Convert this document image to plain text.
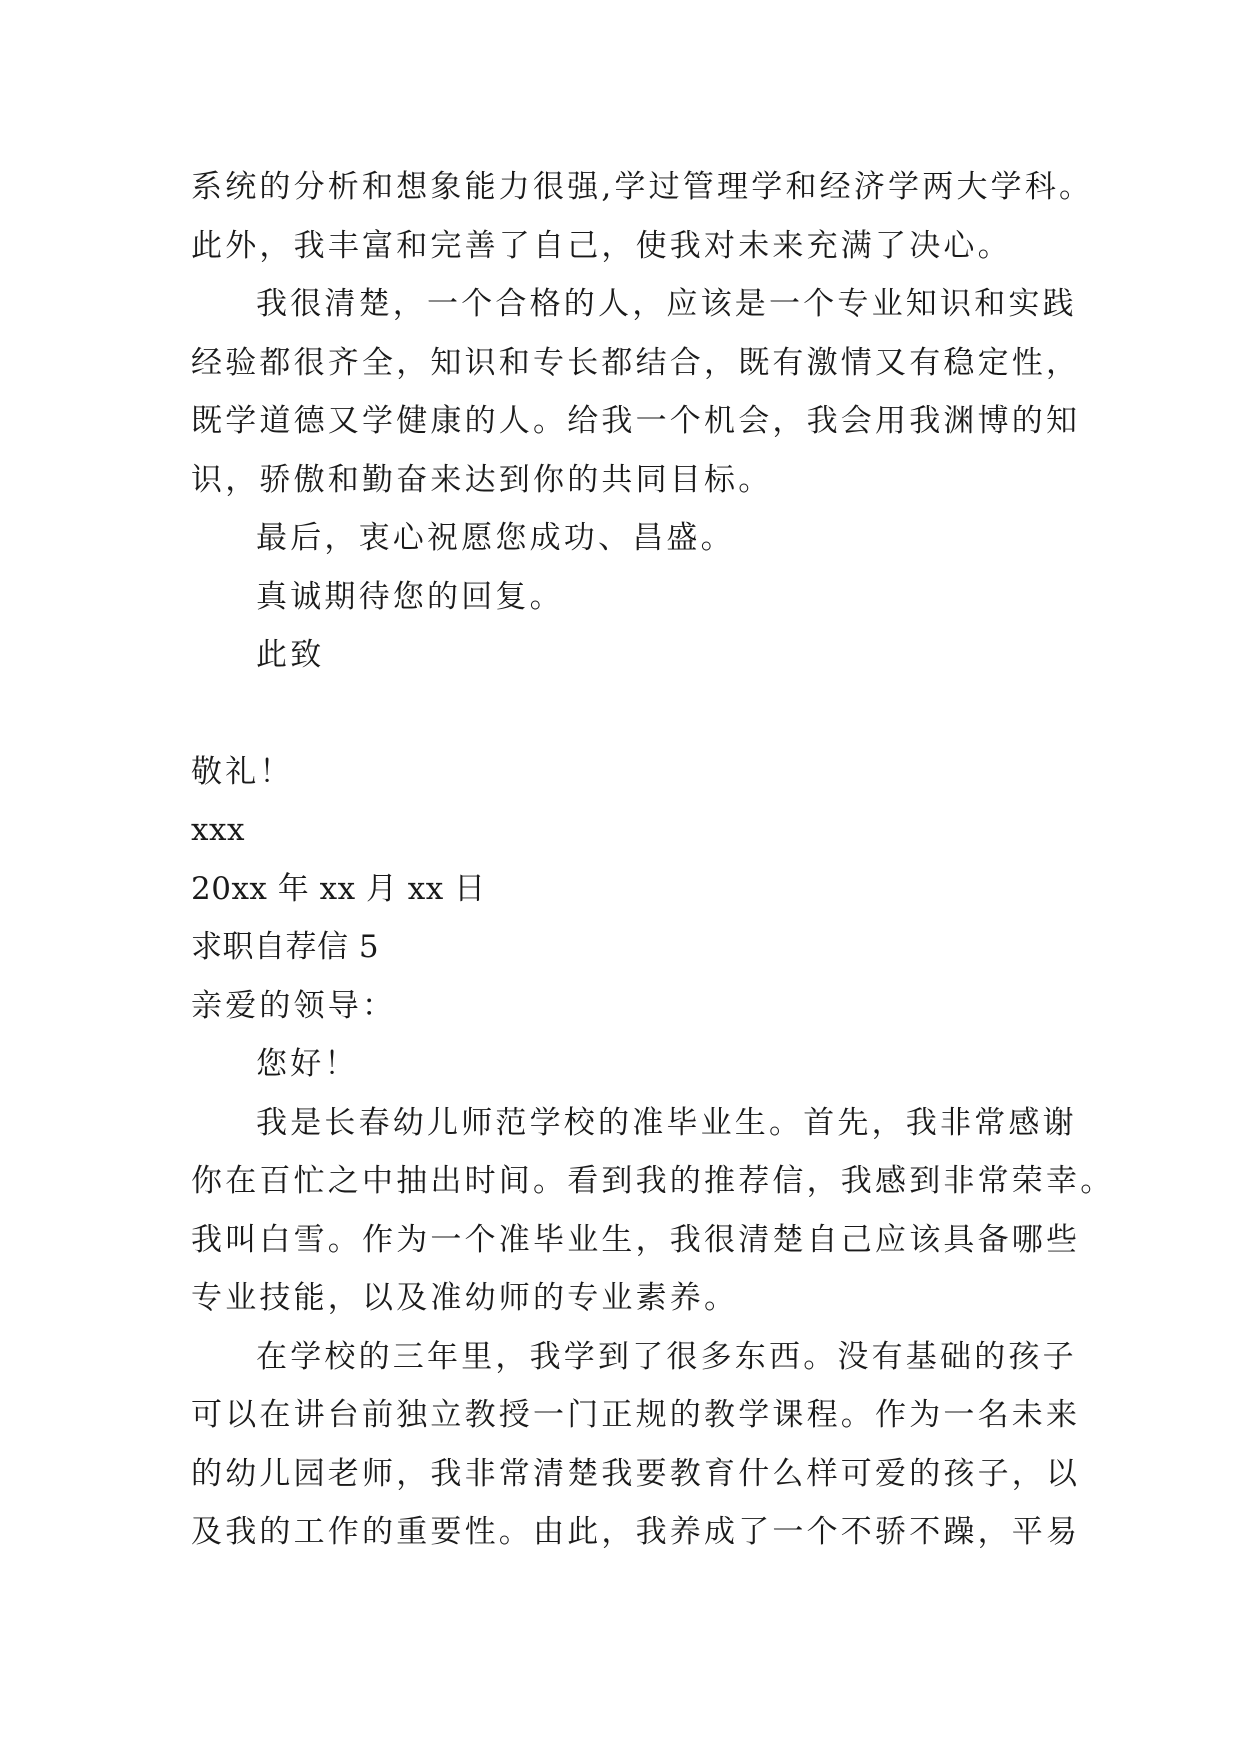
系统的分析和想象能力很强,学过管理学和经济学两大学科。
此外，我丰富和完善了自己，使我对未来充满了决心。
我很清楚，一个合格的人，应该是一个专业知识和实践
经验都很齐全，知识和专长都结合，既有激情又有稳定性，
既学道德又学健康的人。给我一个机会，我会用我渊博的知
识，骄傲和勤奋来达到你的共同目标。
最后，衷心祝愿您成功、昌盛。
真诚期待您的回复。
此致
敬礼！
xxx
20xx 年 xx 月 xx 日
求职自荐信 5
亲爱的领导：
您好！
我是长春幼儿师范学校的准毕业生。首先，我非常感谢
你在百忙之中抽出时间。看到我的推荐信，我感到非常荣幸。
我叫白雪。作为一个准毕业生，我很清楚自己应该具备哪些
专业技能，以及准幼师的专业素养。
在学校的三年里，我学到了很多东西。没有基础的孩子
可以在讲台前独立教授一门正规的教学课程。作为一名未来
的幼儿园老师，我非常清楚我要教育什么样可爱的孩子，以
及我的工作的重要性。由此，我养成了一个不骄不躁，平易
